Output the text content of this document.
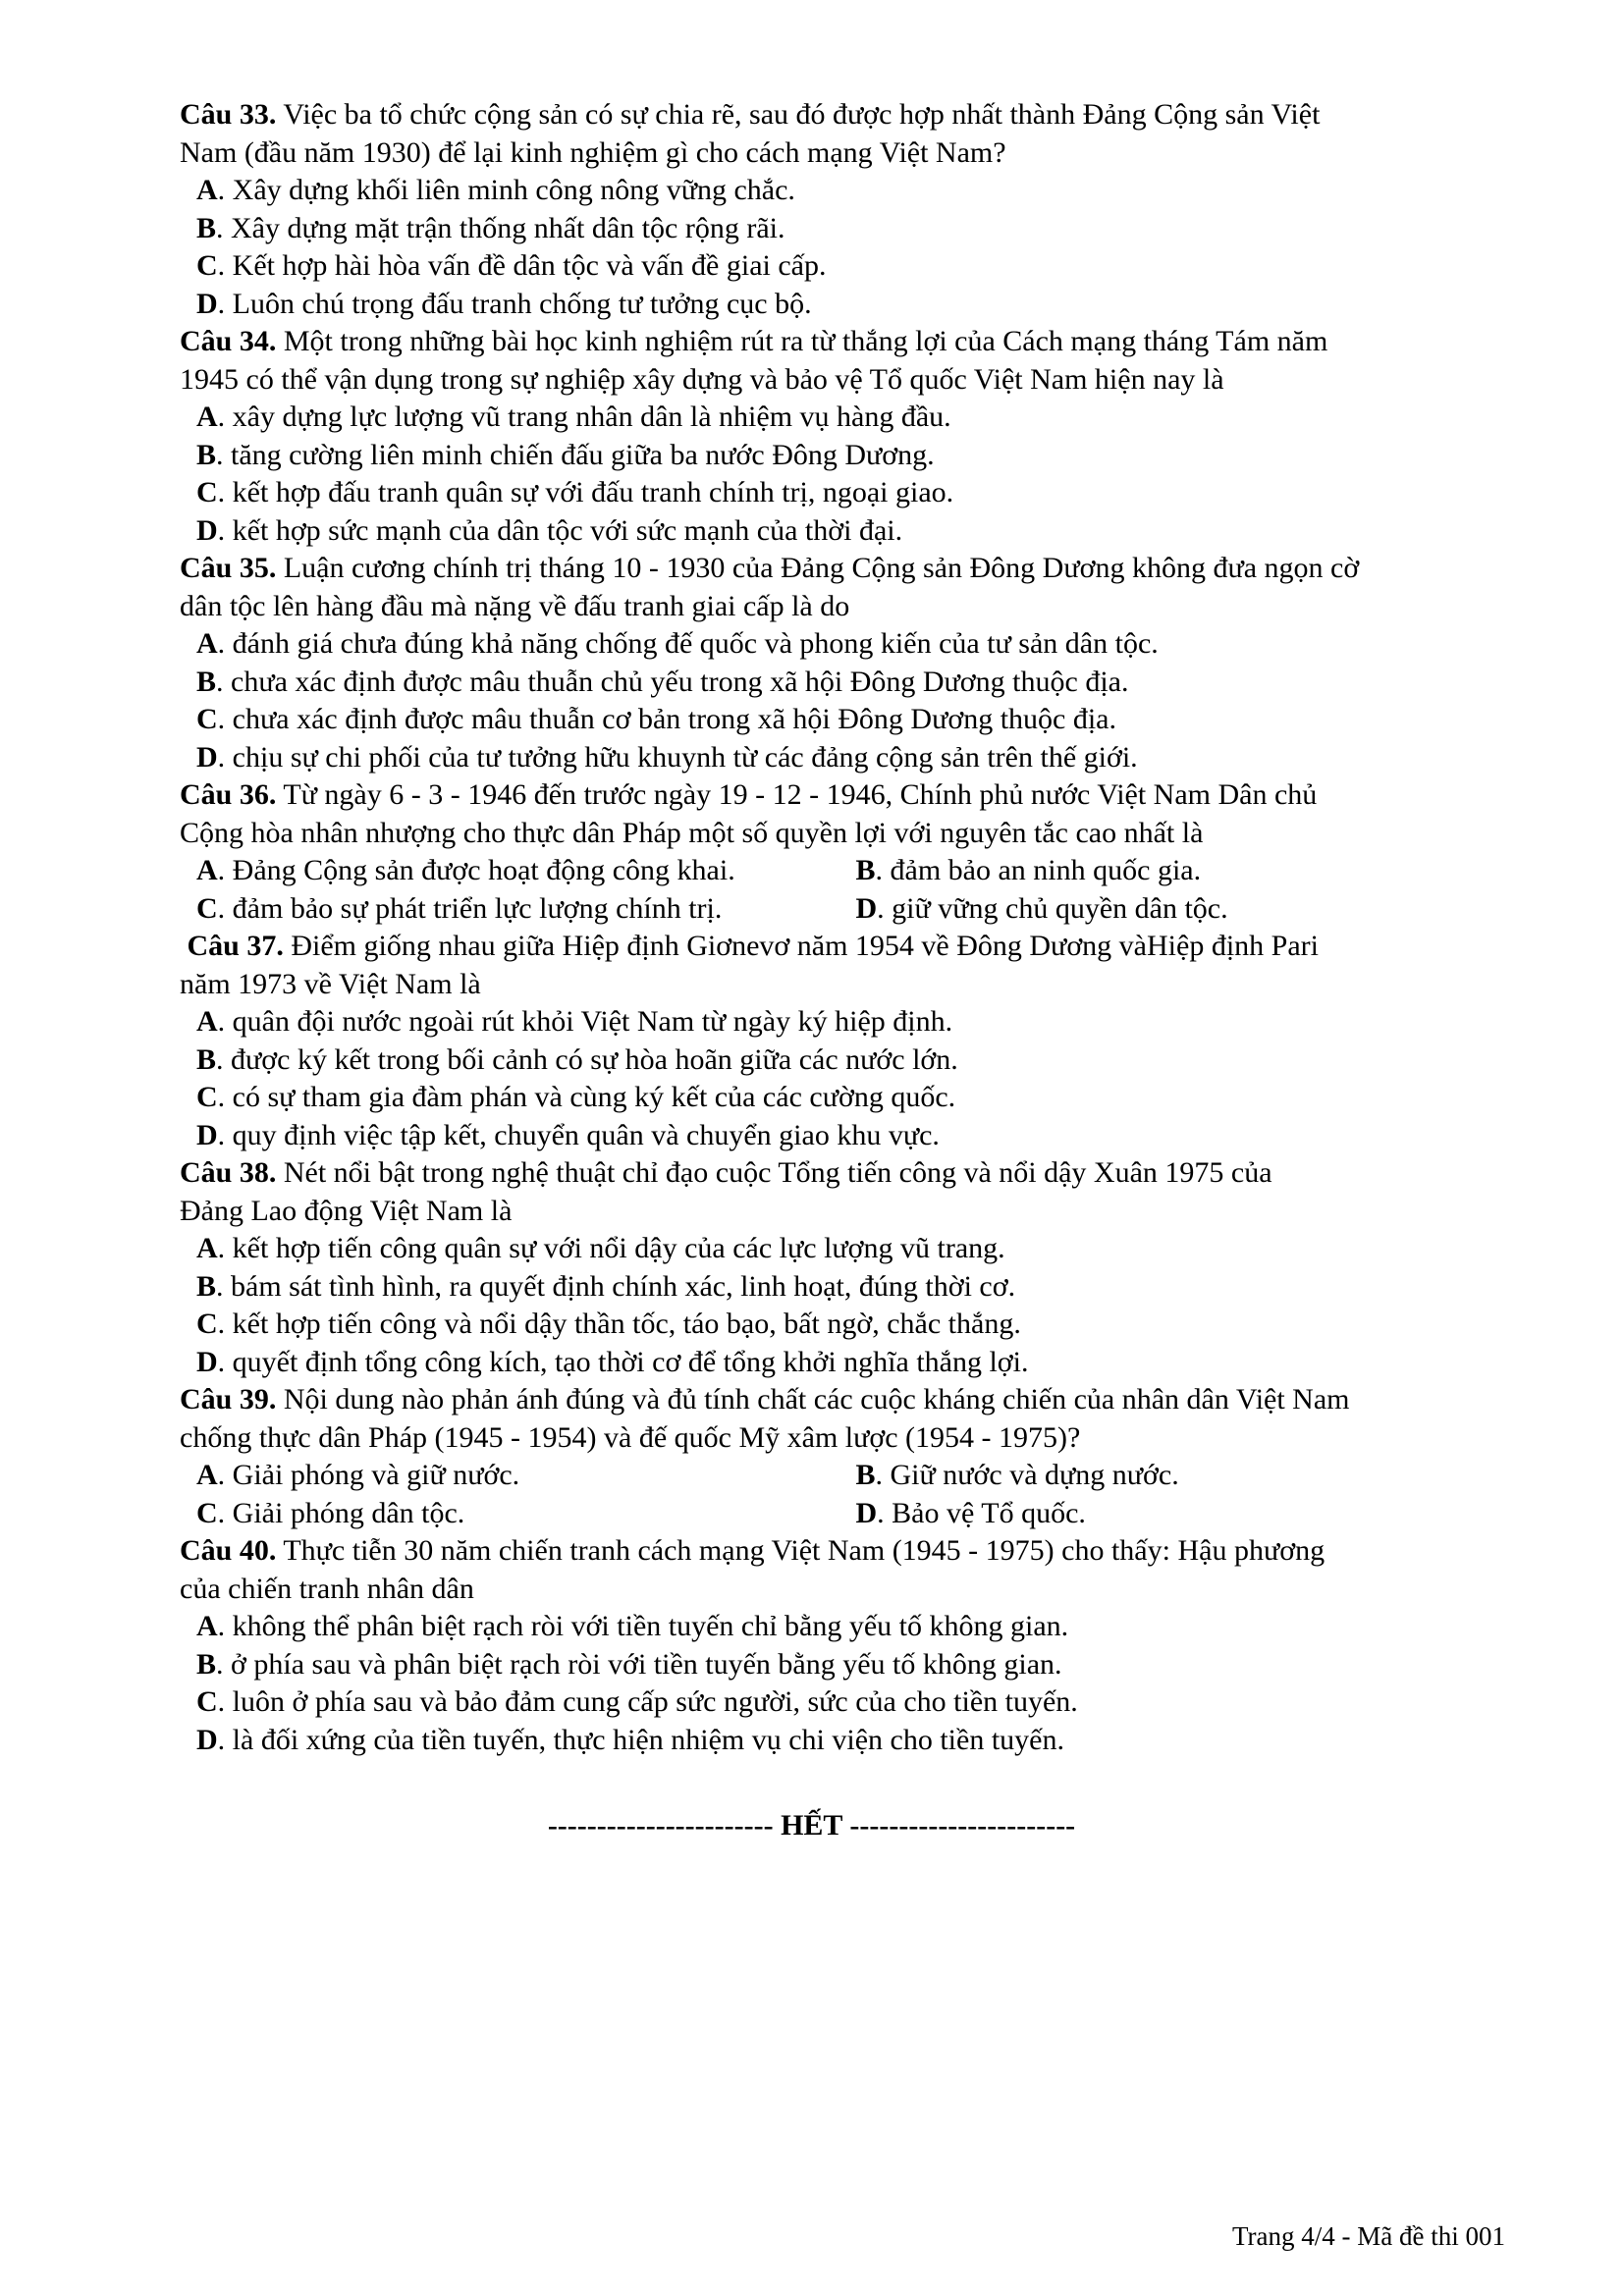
Câu 33. Việc ba tổ chức cộng sản có sự chia rẽ, sau đó được hợp nhất thành Đảng Cộng sản Việt

Nam (đầu năm 1930) để lại kinh nghiệm gì cho cách mạng Việt Nam?

A. Xây dựng khối liên minh công nông vững chắc.

B. Xây dựng mặt trận thống nhất dân tộc rộng rãi.

C. Kết hợp hài hòa vấn đề dân tộc và vấn đề giai cấp.

D. Luôn chú trọng đấu tranh chống tư tưởng cục bộ.

Câu 34. Một trong những bài học kinh nghiệm rút ra từ thắng lợi của Cách mạng tháng Tám năm

1945 có thể vận dụng trong sự nghiệp xây dựng và bảo vệ Tổ quốc Việt Nam hiện nay là

A. xây dựng lực lượng vũ trang nhân dân là nhiệm vụ hàng đầu.

B. tăng cường liên minh chiến đấu giữa ba nước Đông Dương.

C. kết hợp đấu tranh quân sự với đấu tranh chính trị, ngoại giao.

D. kết hợp sức mạnh của dân tộc với sức mạnh của thời đại.

Câu 35. Luận cương chính trị tháng 10 - 1930 của Đảng Cộng sản Đông Dương không đưa ngọn cờ

dân tộc lên hàng đầu mà nặng về đấu tranh giai cấp là do

A. đánh giá chưa đúng khả năng chống đế quốc và phong kiến của tư sản dân tộc.

B. chưa xác định được mâu thuẫn chủ yếu trong xã hội Đông Dương thuộc địa.

C. chưa xác định được mâu thuẫn cơ bản trong xã hội Đông Dương thuộc địa.

D. chịu sự chi phối của tư tưởng hữu khuynh từ các đảng cộng sản trên thế giới.

Câu 36. Từ ngày 6 - 3 - 1946 đến trước ngày 19 - 12 - 1946, Chính phủ nước Việt Nam Dân chủ

Cộng hòa nhân nhượng cho thực dân Pháp một số quyền lợi với nguyên tắc cao nhất là

A. Đảng Cộng sản được hoạt động công khai.	B. đảm bảo an ninh quốc gia.
C. đảm bảo sự phát triển lực lượng chính trị.	D. giữ vững chủ quyền dân tộc.

Câu 37. Điểm giống nhau giữa Hiệp định Giơnevơ năm 1954 về Đông Dương vàHiệp định Pari

năm 1973 về Việt Nam là

A. quân đội nước ngoài rút khỏi Việt Nam từ ngày ký hiệp định.

B. được ký kết trong bối cảnh có sự hòa hoãn giữa các nước lớn.

C. có sự tham gia đàm phán và cùng ký kết của các cường quốc.

D. quy định việc tập kết, chuyển quân và chuyển giao khu vực.

Câu 38. Nét nổi bật trong nghệ thuật chỉ đạo cuộc Tổng tiến công và nổi dậy Xuân 1975 của

Đảng Lao động Việt Nam là

A. kết hợp tiến công quân sự với nổi dậy của các lực lượng vũ trang.

B. bám sát tình hình, ra quyết định chính xác, linh hoạt, đúng thời cơ.

C. kết hợp tiến công và nổi dậy thần tốc, táo bạo, bất ngờ, chắc thắng.

D. quyết định tổng công kích, tạo thời cơ để tổng khởi nghĩa thắng lợi.

Câu 39. Nội dung nào phản ánh đúng và đủ tính chất các cuộc kháng chiến của nhân dân Việt Nam

chống thực dân Pháp (1945 - 1954) và đế quốc Mỹ xâm lược (1954 - 1975)?

A. Giải phóng và giữ nước.	B. Giữ nước và dựng nước.
C. Giải phóng dân tộc.	D. Bảo vệ Tổ quốc.

Câu 40. Thực tiễn 30 năm chiến tranh cách mạng Việt Nam (1945 - 1975) cho thấy: Hậu phương

của chiến tranh nhân dân

A. không thể phân biệt rạch ròi với tiền tuyến chỉ bằng yếu tố không gian.

B. ở phía sau và phân biệt rạch ròi với tiền tuyến bằng yếu tố không gian.

C. luôn ở phía sau và bảo đảm cung cấp sức người, sức của cho tiền tuyến.

D. là đối xứng của tiền tuyến, thực hiện nhiệm vụ chi viện cho tiền tuyến.

----------------------- HẾT -----------------------
Trang 4/4 - Mã đề thi 001
